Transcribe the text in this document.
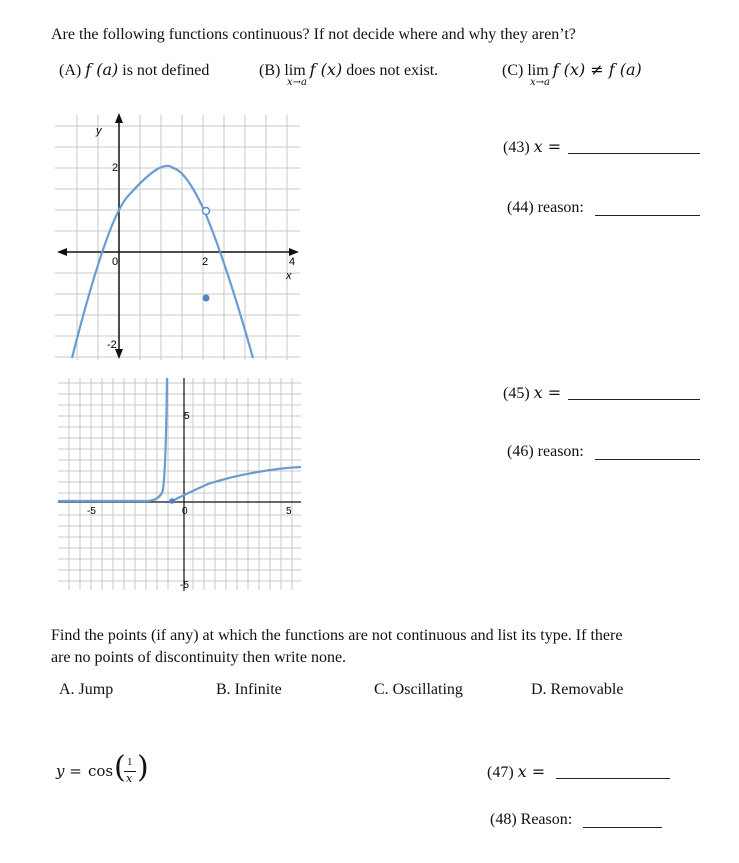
Are the following functions continuous? If not decide where and why they aren’t?
(A) f (a) is not defined	(B) lim f (x) does not exist.
x→a
(C) lim f (x) ≠ f (a)
x→a
y
2
0
-2
2	4
x
5
-5	0	5
-5
(43) x =
(44) reason:
(45) x =
(46) reason:
Find the points (if any) at which the functions are not continuous and list its type. If there
are no points of discontinuity then write none.
A. Jump	B. Infinite	C. Oscillating	D. Removable
y = cos ( 1
x )	(47) x =
(48) Reason:
